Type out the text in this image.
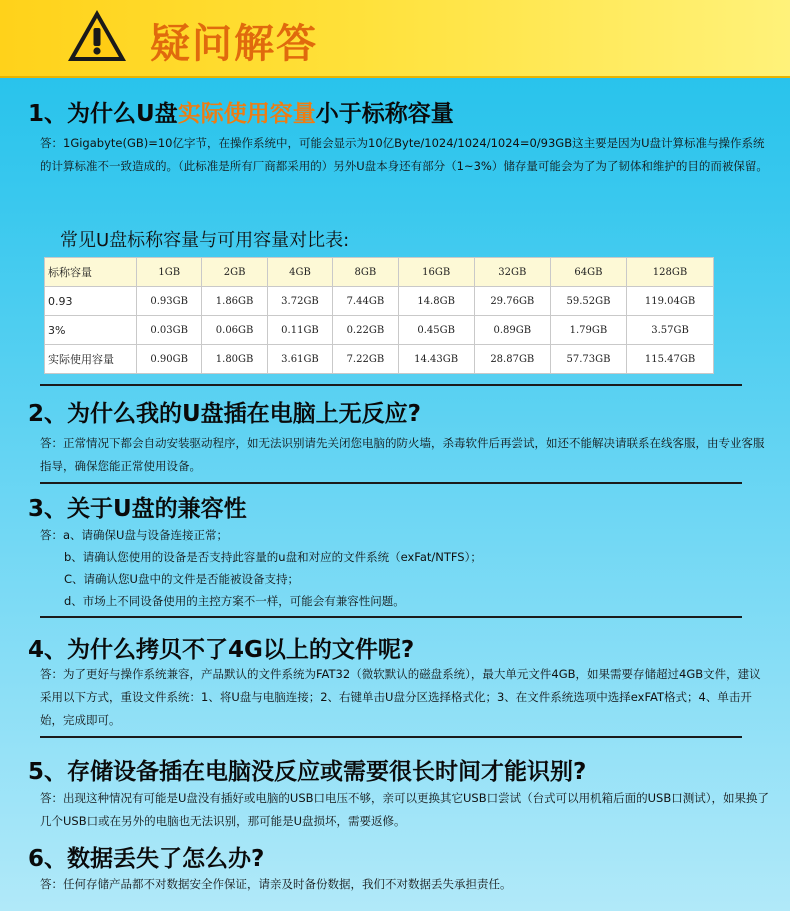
疑问解答
1、为什么U盘实际使用容量小于标称容量
答：1Gigabyte(GB)=10亿字节，在操作系统中，可能会显示为10亿Byte/1024/1024/1024=0/93GB这主要是因为U盘计算标准与操作系统的计算标准不一致造成的。（此标准是所有厂商都采用的）另外U盘本身还有部分（1~3%）储存量可能会为了为了韧体和维护的目的而被保留。
常见U盘标称容量与可用容量对比表:
标称容量	1GB	2GB	4GB	8GB	16GB	32GB	64GB	128GB
0.93	0.93GB	1.86GB	3.72GB	7.44GB	14.8GB	29.76GB	59.52GB	119.04GB
3%	0.03GB	0.06GB	0.11GB	0.22GB	0.45GB	0.89GB	1.79GB	3.57GB
实际使用容量	0.90GB	1.80GB	3.61GB	7.22GB	14.43GB	28.87GB	57.73GB	115.47GB
2、为什么我的U盘插在电脑上无反应?
答：正常情况下都会自动安装驱动程序，如无法识别请先关闭您电脑的防火墙，杀毒软件后再尝试，如还不能解决请联系在线客服，由专业客服指导，确保您能正常使用设备。
3、关于U盘的兼容性
答：a、请确保U盘与设备连接正常；
b、请确认您使用的设备是否支持此容量的u盘和对应的文件系统（exFat/NTFS）；
C、请确认您U盘中的文件是否能被设备支持；
d、市场上不同设备使用的主控方案不一样，可能会有兼容性问题。
4、为什么拷贝不了4G以上的文件呢?
答：为了更好与操作系统兼容，产品默认的文件系统为FAT32（微软默认的磁盘系统），最大单元文件4GB，如果需要存储超过4GB文件，建议采用以下方式，重设文件系统：1、将U盘与电脑连接；2、右键单击U盘分区选择格式化；3、在文件系统选项中选择exFAT格式；4、单击开始，完成即可。
5、存储设备插在电脑没反应或需要很长时间才能识别?
答：出现这种情况有可能是U盘没有插好或电脑的USB口电压不够，亲可以更换其它USB口尝试（台式可以用机箱后面的USB口测试），如果换了几个USB口或在另外的电脑也无法识别，那可能是U盘损坏，需要返修。
6、数据丢失了怎么办?
答：任何存储产品都不对数据安全作保证，请亲及时备份数据，我们不对数据丢失承担责任。
